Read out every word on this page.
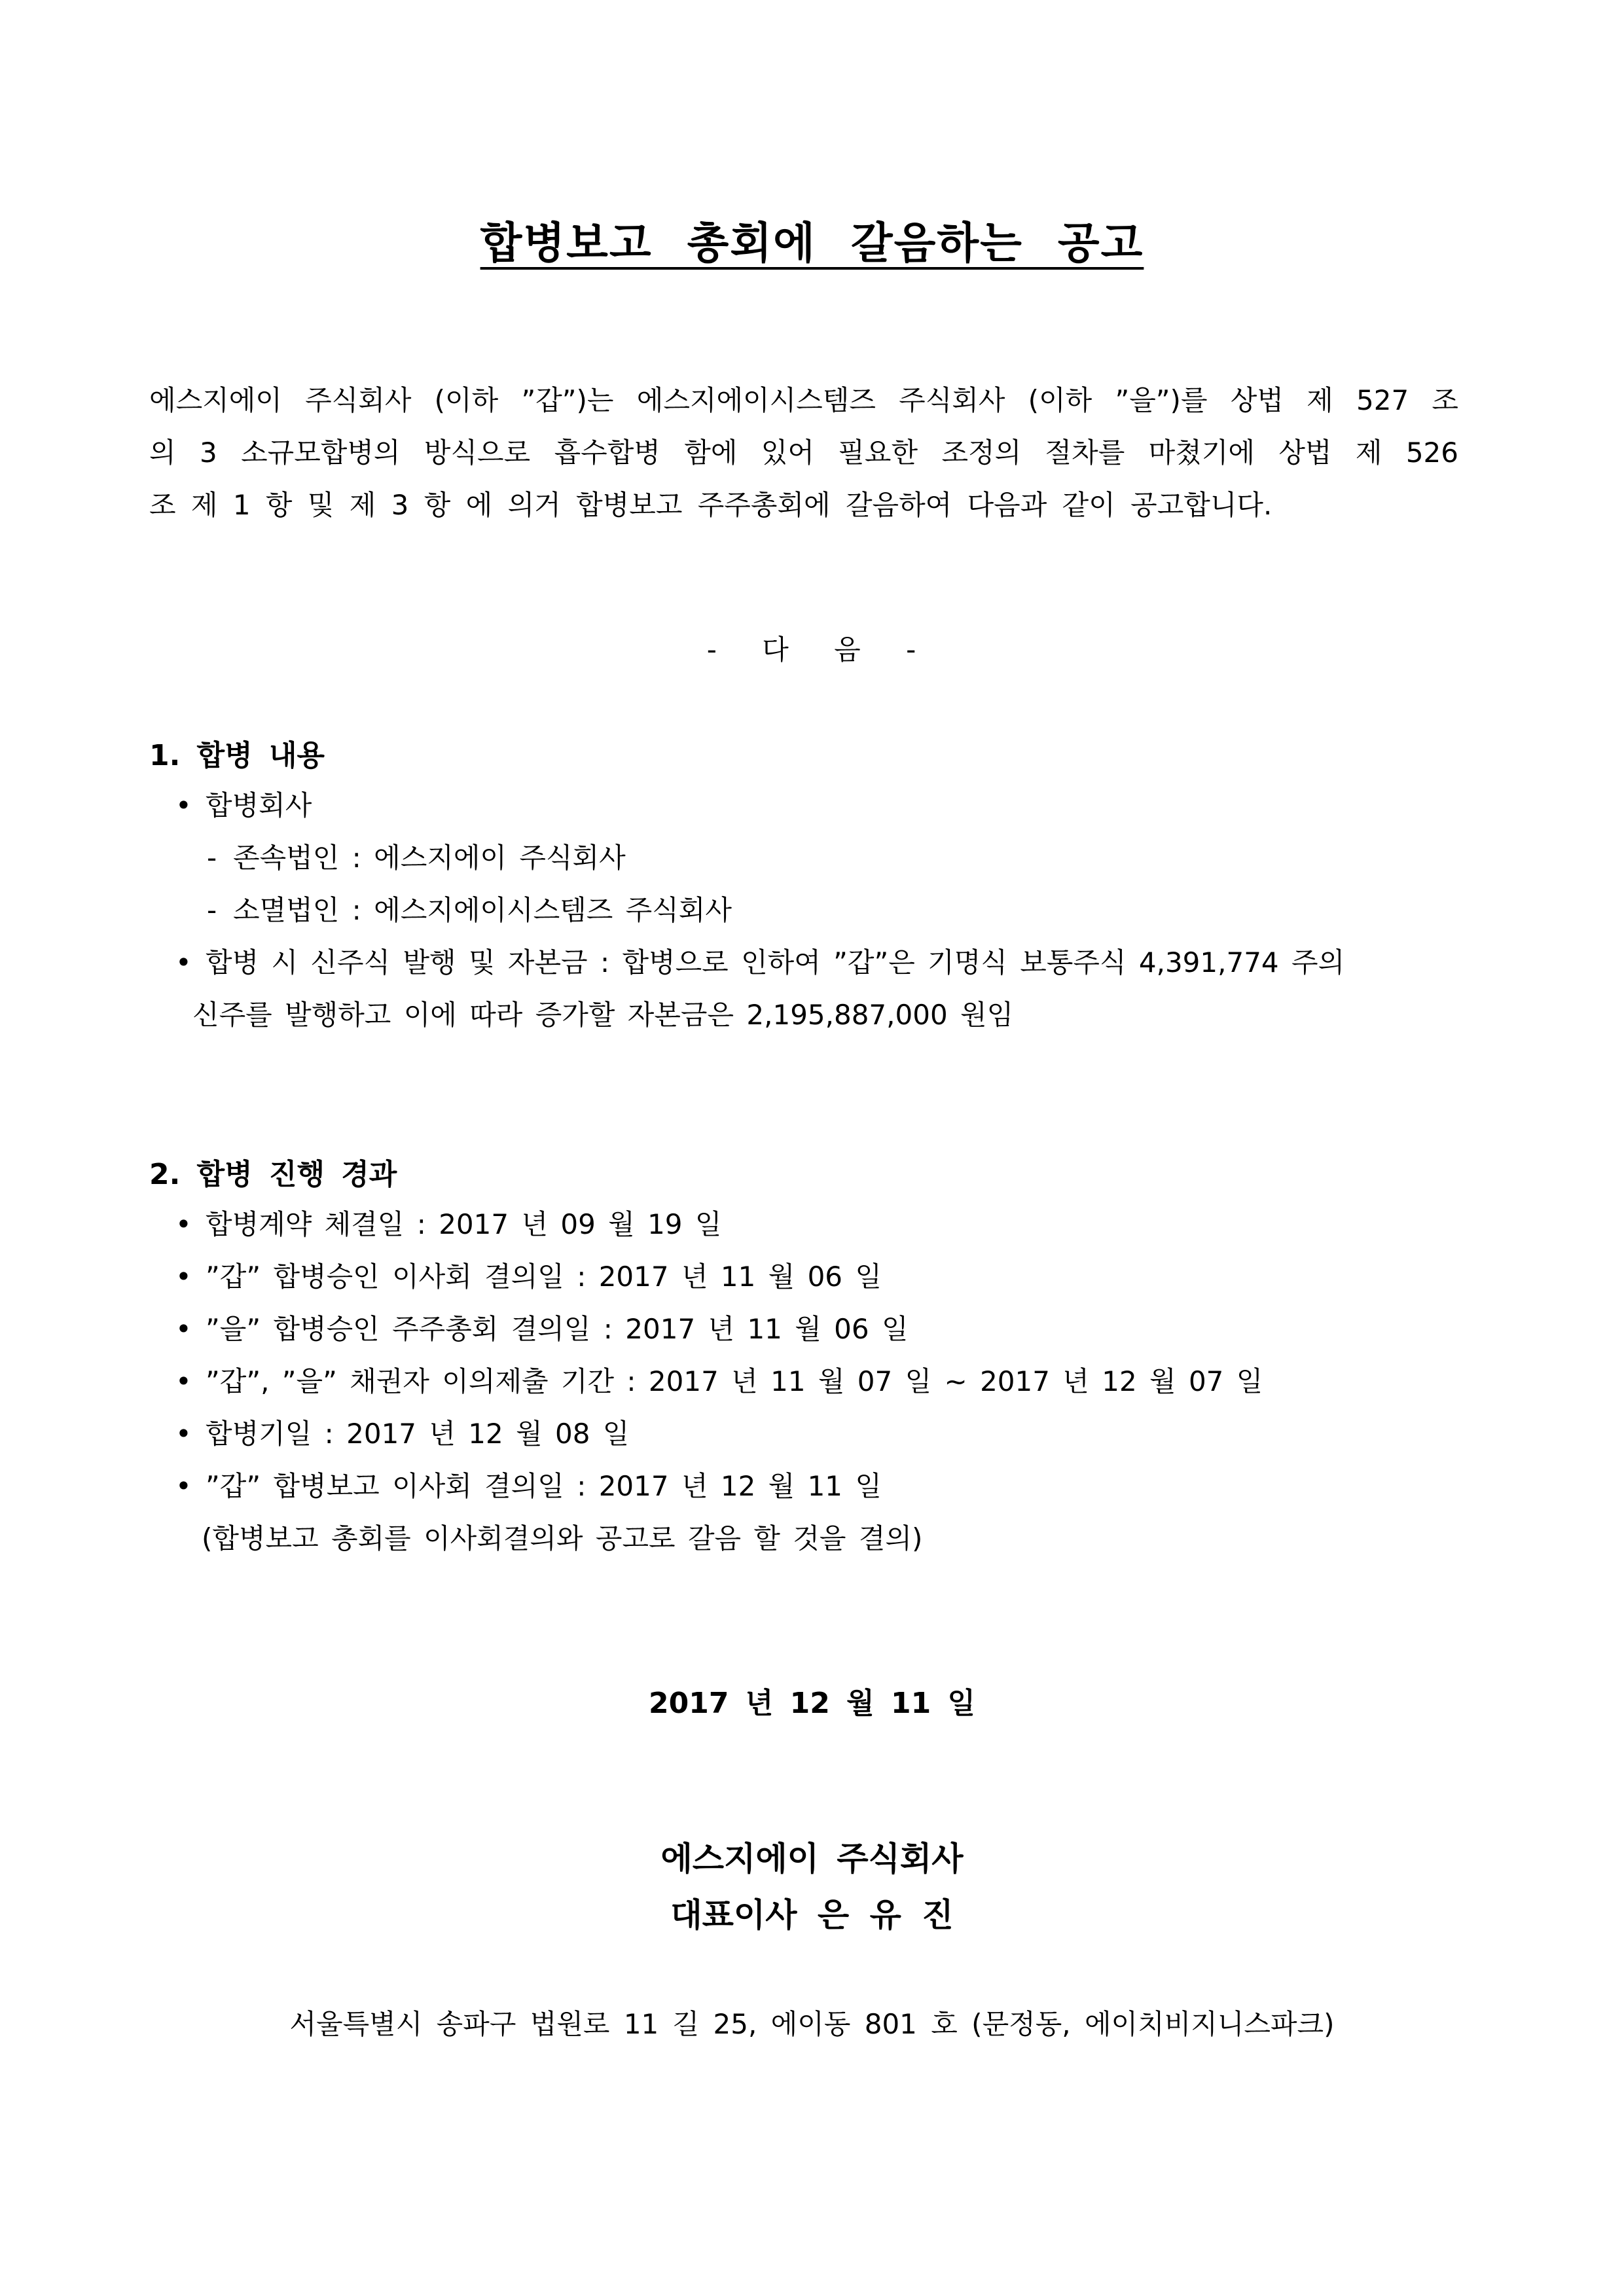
합병보고 총회에 갈음하는 공고
에스지에이 주식회사 (이하 ”갑”)는 에스지에이시스템즈 주식회사 (이하 ”을”)를 상법 제 527 조
의 3 소규모합병의 방식으로 흡수합병 함에 있어 필요한 조정의 절차를 마쳤기에 상법 제 526
조 제 1 항 및 제 3 항 에 의거 합병보고 주주총회에 갈음하여 다음과 같이 공고합니다.
- 다 음 -
1. 합병 내용
• 합병회사
- 존속법인 : 에스지에이 주식회사
- 소멸법인 : 에스지에이시스템즈 주식회사
• 합병 시 신주식 발행 및 자본금 : 합병으로 인하여 ”갑”은 기명식 보통주식 4,391,774 주의
신주를 발행하고 이에 따라 증가할 자본금은 2,195,887,000 원임
2. 합병 진행 경과
• 합병계약 체결일 : 2017 년 09 월 19 일
• ”갑” 합병승인 이사회 결의일 : 2017 년 11 월 06 일
• ”을” 합병승인 주주총회 결의일 : 2017 년 11 월 06 일
• ”갑”, ”을” 채권자 이의제출 기간 : 2017 년 11 월 07 일 ~ 2017 년 12 월 07 일
• 합병기일 : 2017 년 12 월 08 일
• ”갑” 합병보고 이사회 결의일 : 2017 년 12 월 11 일
(합병보고 총회를 이사회결의와 공고로 갈음 할 것을 결의)
2017 년 12 월 11 일
에스지에이 주식회사
대표이사 은 유 진
서울특별시 송파구 법원로 11 길 25, 에이동 801 호 (문정동, 에이치비지니스파크)
